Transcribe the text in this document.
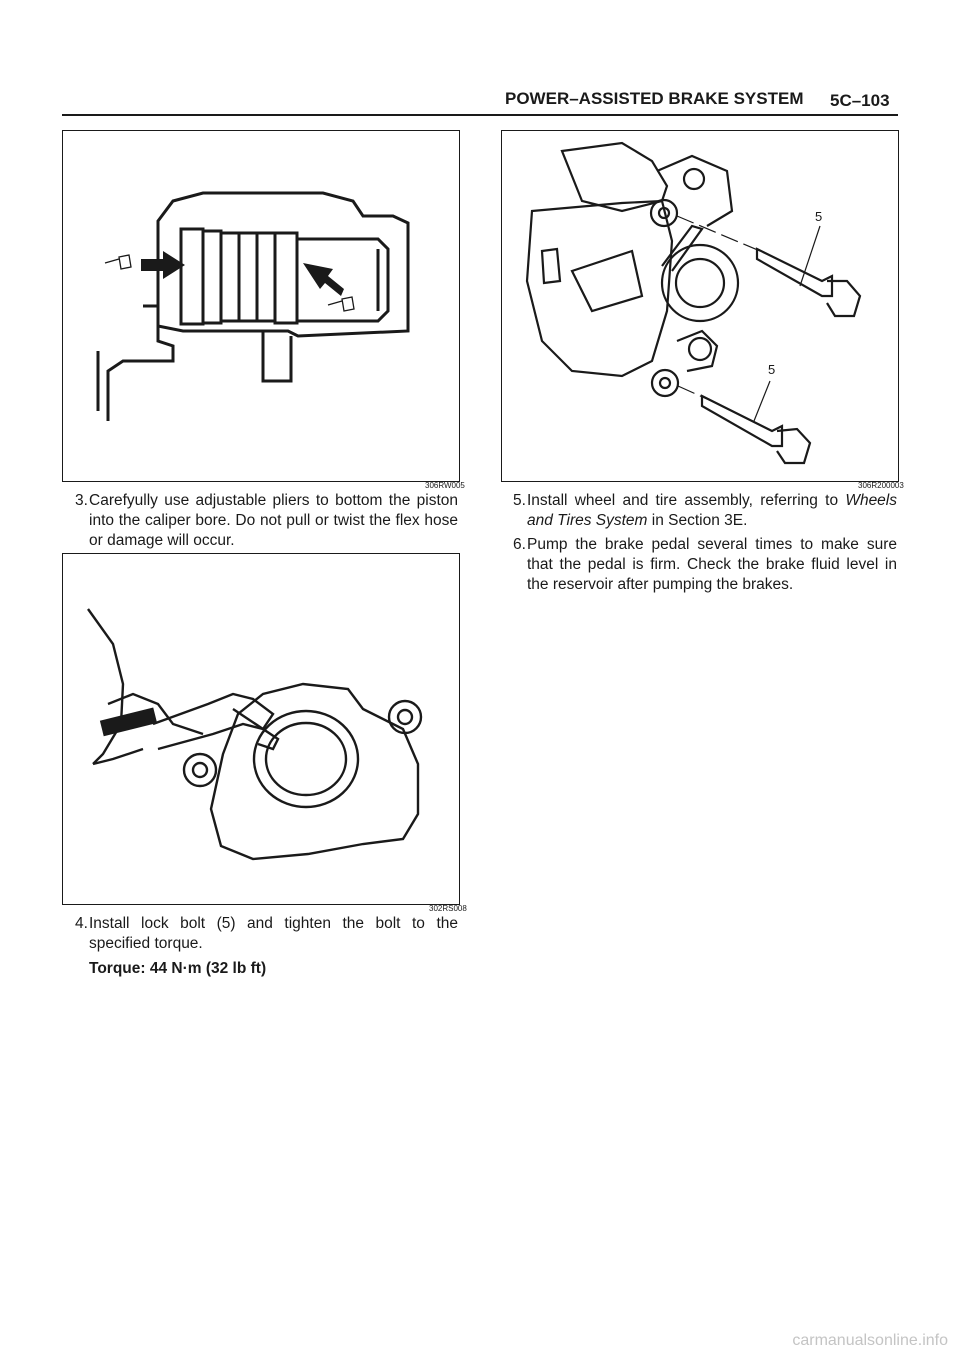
POWER–ASSISTED BRAKE SYSTEM 5C–103
306RW005
3. Carefyully use adjustable pliers to bottom the piston into the caliper bore. Do not pull or twist the flex hose or damage will occur.
302RS008
4. Install lock bolt (5) and tighten the bolt to the specified torque.
Torque: 44 N·m (32 lb ft)
5
5
306R200003
5. Install wheel and tire assembly, referring to Wheels and Tires System in Section 3E.
6. Pump the brake pedal several times to make sure that the pedal is firm. Check the brake fluid level in the reservoir after pumping the brakes.
carmanualsonline.info
